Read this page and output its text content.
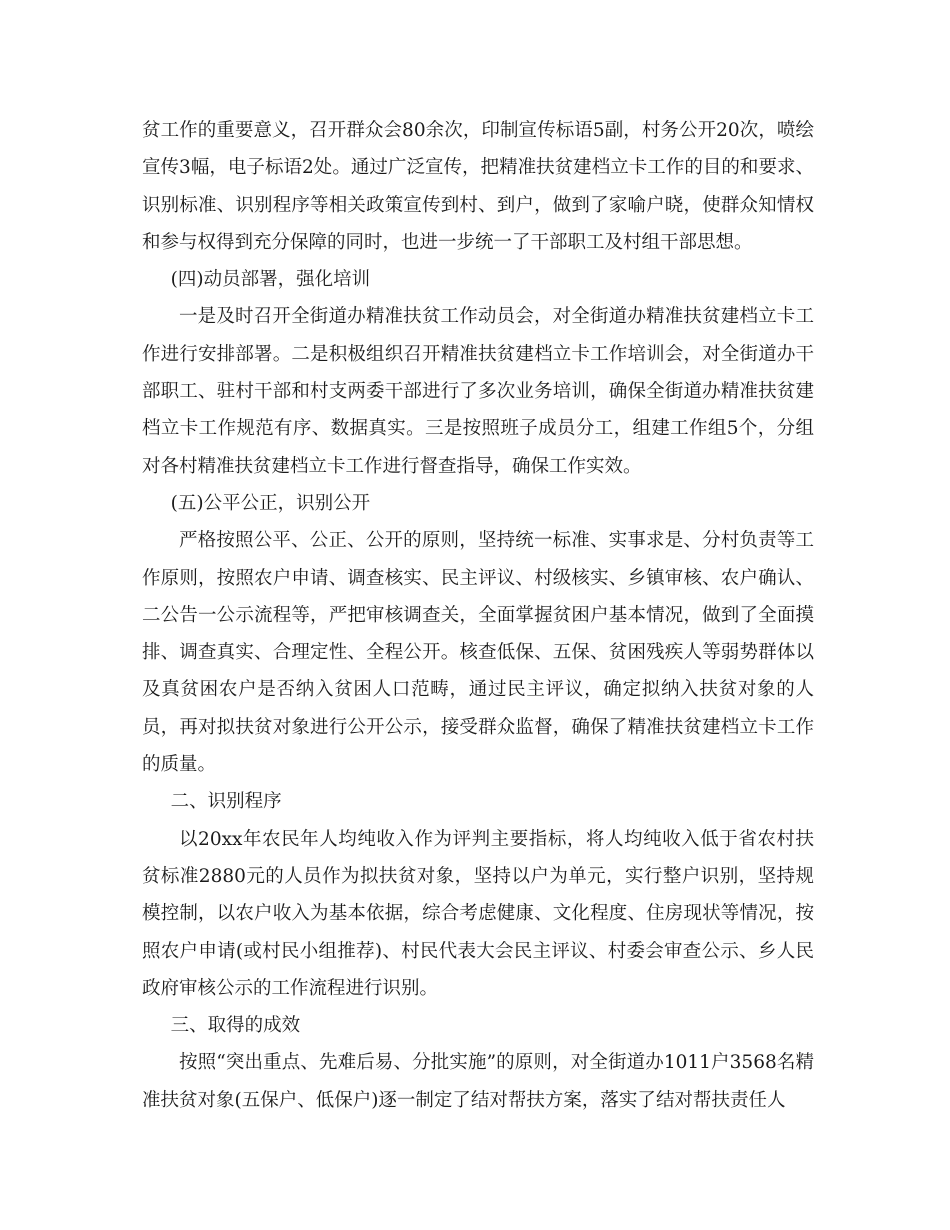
贫工作的重要意义，召开群众会80余次，印制宣传标语5副，村务公开20次，喷绘宣传3幅，电子标语2处。通过广泛宣传，把精准扶贫建档立卡工作的目的和要求、识别标准、识别程序等相关政策宣传到村、到户，做到了家喻户晓，使群众知情权和参与权得到充分保障的同时，也进一步统一了干部职工及村组干部思想。

(四)动员部署，强化培训

一是及时召开全街道办精准扶贫工作动员会，对全街道办精准扶贫建档立卡工作进行安排部署。二是积极组织召开精准扶贫建档立卡工作培训会，对全街道办干部职工、驻村干部和村支两委干部进行了多次业务培训，确保全街道办精准扶贫建档立卡工作规范有序、数据真实。三是按照班子成员分工，组建工作组5个，分组对各村精准扶贫建档立卡工作进行督查指导，确保工作实效。

(五)公平公正，识别公开

严格按照公平、公正、公开的原则，坚持统一标准、实事求是、分村负责等工作原则，按照农户申请、调查核实、民主评议、村级核实、乡镇审核、农户确认、二公告一公示流程等，严把审核调查关，全面掌握贫困户基本情况，做到了全面摸排、调查真实、合理定性、全程公开。核查低保、五保、贫困残疾人等弱势群体以及真贫困农户是否纳入贫困人口范畴，通过民主评议，确定拟纳入扶贫对象的人员，再对拟扶贫对象进行公开公示，接受群众监督，确保了精准扶贫建档立卡工作的质量。

二、识别程序

以20xx年农民年人均纯收入作为评判主要指标，将人均纯收入低于省农村扶贫标准2880元的人员作为拟扶贫对象，坚持以户为单元，实行整户识别，坚持规模控制，以农户收入为基本依据，综合考虑健康、文化程度、住房现状等情况，按照农户申请(或村民小组推荐)、村民代表大会民主评议、村委会审查公示、乡人民政府审核公示的工作流程进行识别。

三、取得的成效

按照“突出重点、先难后易、分批实施”的原则，对全街道办1011户3568名精准扶贫对象(五保户、低保户)逐一制定了结对帮扶方案，落实了结对帮扶责任人
